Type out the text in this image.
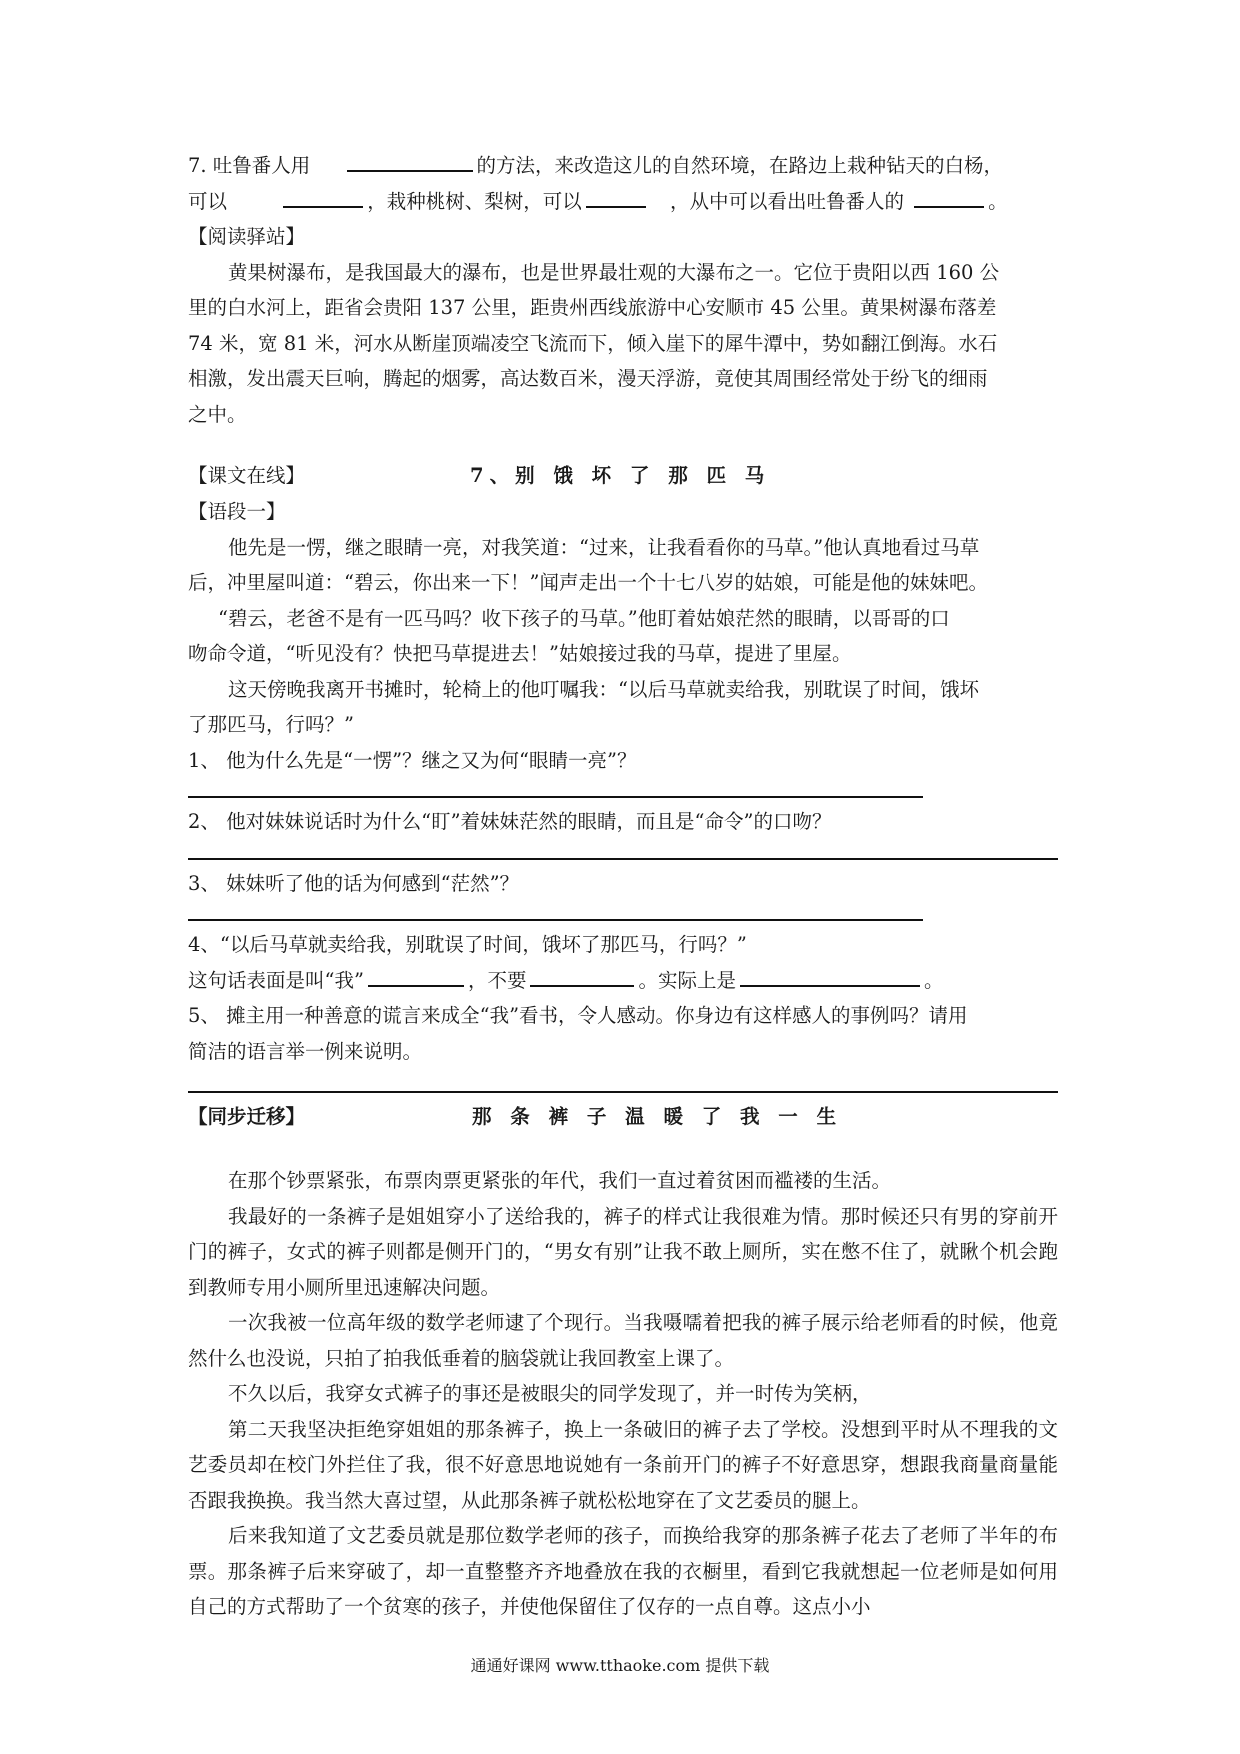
7. 吐鲁番人用	的方法，来改造这儿的自然环境，在路边上栽种钻天的白杨，
可以	，栽种桃树、梨树，可以	，从中可以看出吐鲁番人的	。
【阅读驿站】
黄果树瀑布，是我国最大的瀑布，也是世界最壮观的大瀑布之一。它位于贵阳以西 160 公
里的白水河上，距省会贵阳 137 公里，距贵州西线旅游中心安顺市 45 公里。黄果树瀑布落差
74 米，宽 81 米，河水从断崖顶端凌空飞流而下，倾入崖下的犀牛潭中，势如翻江倒海。水石
相激，发出震天巨响，腾起的烟雾，高达数百米，漫天浮游，竟使其周围经常处于纷飞的细雨
之中。
【课文在线】	7、别 饿 坏 了 那 匹 马
【语段一】
他先是一愣，继之眼睛一亮，对我笑道：“过来，让我看看你的马草。”他认真地看过马草
后，冲里屋叫道：“碧云，你出来一下！”闻声走出一个十七八岁的姑娘，可能是他的妹妹吧。
“碧云，老爸不是有一匹马吗？收下孩子的马草。”他盯着姑娘茫然的眼睛，以哥哥的口
吻命令道，“听见没有？快把马草提进去！”姑娘接过我的马草，提进了里屋。
这天傍晚我离开书摊时，轮椅上的他叮嘱我：“以后马草就卖给我，别耽误了时间，饿坏
了那匹马，行吗？”
1、 他为什么先是“一愣”？继之又为何“眼睛一亮”？
2、 他对妹妹说话时为什么“盯”着妹妹茫然的眼睛，而且是“命令”的口吻？
3、 妹妹听了他的话为何感到“茫然”？
4、“以后马草就卖给我，别耽误了时间，饿坏了那匹马，行吗？”
这句话表面是叫“我”	，不要	。实际上是	。
5、 摊主用一种善意的谎言来成全“我”看书，令人感动。你身边有这样感人的事例吗？请用
简洁的语言举一例来说明。
【同步迁移】	那 条 裤 子 温 暖 了 我 一 生
在那个钞票紧张，布票肉票更紧张的年代，我们一直过着贫困而褴褛的生活。
我最好的一条裤子是姐姐穿小了送给我的，裤子的样式让我很难为情。那时候还只有男的穿前开门的裤子，女式的裤子则都是侧开门的，“男女有别”让我不敢上厕所，实在憋不住了，就瞅个机会跑到教师专用小厕所里迅速解决问题。
一次我被一位高年级的数学老师逮了个现行。当我嗫嚅着把我的裤子展示给老师看的时候，他竟然什么也没说，只拍了拍我低垂着的脑袋就让我回教室上课了。
不久以后，我穿女式裤子的事还是被眼尖的同学发现了，并一时传为笑柄，
第二天我坚决拒绝穿姐姐的那条裤子，换上一条破旧的裤子去了学校。没想到平时从不理我的文艺委员却在校门外拦住了我，很不好意思地说她有一条前开门的裤子不好意思穿，想跟我商量商量能否跟我换换。我当然大喜过望，从此那条裤子就松松地穿在了文艺委员的腿上。
后来我知道了文艺委员就是那位数学老师的孩子，而换给我穿的那条裤子花去了老师了半年的布票。那条裤子后来穿破了，却一直整整齐齐地叠放在我的衣橱里，看到它我就想起一位老师是如何用自己的方式帮助了一个贫寒的孩子，并使他保留住了仅存的一点自尊。这点小小
通通好课网 www.tthaoke.com 提供下载
